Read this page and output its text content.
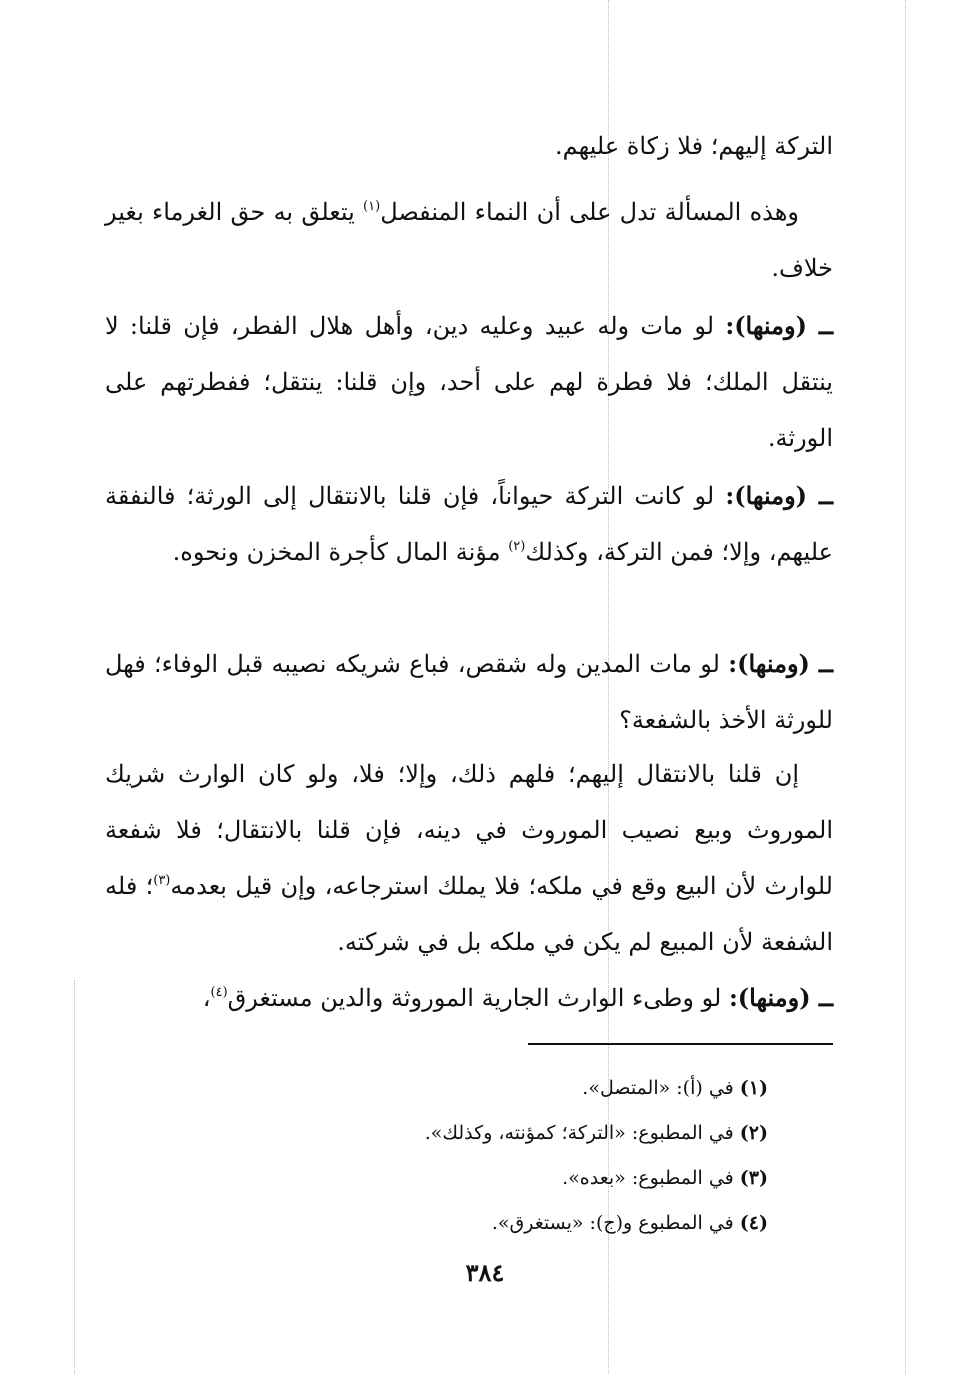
التركة إليهم؛ فلا زكاة عليهم.

وهذه المسألة تدل على أن النماء المنفصل$^{(١)}$ يتعلق به حق الغرماء بغير خلاف.

ــ (ومنها): لو مات وله عبيد وعليه دين، وأهل هلال الفطر، فإن قلنا: لا ينتقل الملك؛ فلا فطرة لهم على أحد، وإن قلنا: ينتقل؛ ففطرتهم على الورثة.

ــ (ومنها): لو كانت التركة حيواناً، فإن قلنا بالانتقال إلى الورثة؛ فالنفقة عليهم، وإلا؛ فمن التركة، وكذلك$^{(٢)}$ مؤنة المال كأجرة المخزن ونحوه.

ــ (ومنها): لو مات المدين وله شقص، فباع شريكه نصيبه قبل الوفاء؛ فهل للورثة الأخذ بالشفعة؟

إن قلنا بالانتقال إليهم؛ فلهم ذلك، وإلا؛ فلا، ولو كان الوارث شريك الموروث وبيع نصيب الموروث في دينه، فإن قلنا بالانتقال؛ فلا شفعة للوارث لأن البيع وقع في ملكه؛ فلا يملك استرجاعه، وإن قيل بعدمه$^{(٣)}$؛ فله الشفعة لأن المبيع لم يكن في ملكه بل في شركته.

ــ (ومنها): لو وطىء الوارث الجارية الموروثة والدين مستغرق$^{(٤)}$،

(١) في (أ): «المتصل».
(٢) في المطبوع: «التركة؛ كمؤنته، وكذلك».
(٣) في المطبوع: «بعده».
(٤) في المطبوع و(ج): «يستغرق».
٣٨٤
